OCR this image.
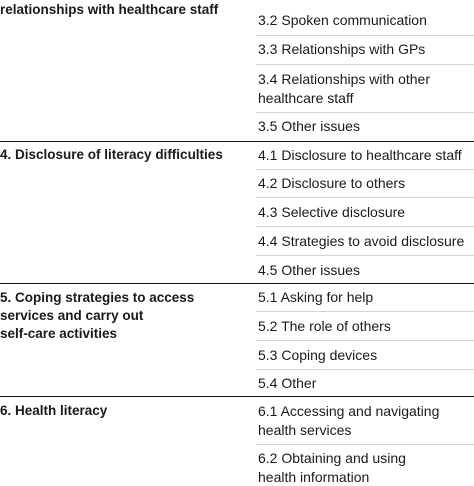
relationships with healthcare staff
3.2 Spoken communication
3.3 Relationships with GPs
3.4 Relationships with other
healthcare staff
3.5 Other issues
4. Disclosure of literacy difficulties	4.1 Disclosure to healthcare staff
4.2 Disclosure to others
4.3 Selective disclosure
4.4 Strategies to avoid disclosure
4.5 Other issues
5. Coping strategies to access
services and carry out
self-care activities
5.1 Asking for help
5.2 The role of others
5.3 Coping devices
5.4 Other
6. Health literacy	6.1 Accessing and navigating
health services
6.2 Obtaining and using
health information
